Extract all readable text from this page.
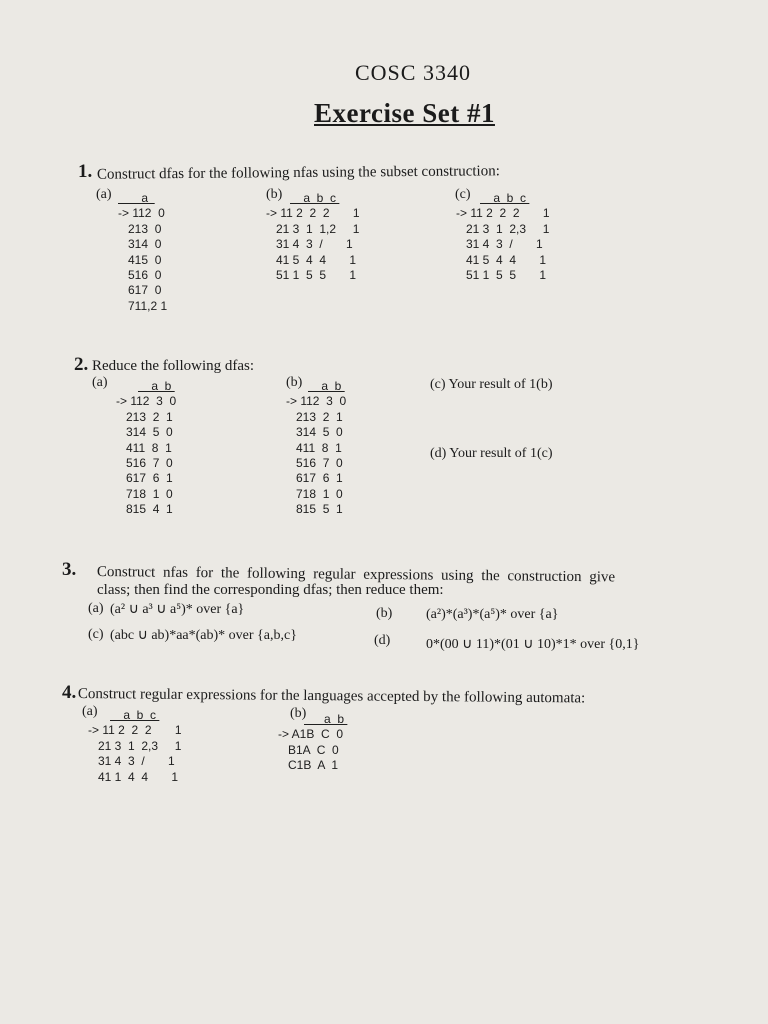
COSC 3340
Exercise Set #1
1. Construct dfas for the following nfas using the subset construction:
(a) a
-> 112  0
213  0
314  0
415  0
516  0
617  0
711,2 1
(b) a  b  c
-> 11 2  2  2       1
21 3  1  1,2     1
31 4  3  /       1
41 5  4  4       1
51 1  5  5       1
(c) a  b  c
-> 11 2  2  2       1
21 3  1  2,3     1
31 4  3  /       1
41 5  4  4       1
51 1  5  5       1
2. Reduce the following dfas:
(a)	a  b
-> 112  3  0
213  2  1
314  5  0
411  8  1
516  7  0
617  6  1
718  1  0
815  4  1
(b) a  b
-> 112  3  0
213  2  1
314  5  0
411  8  1
516  7  0
617  6  1
718  1  0
815  5  1
(c) Your result of 1(b)
(d) Your result of 1(c)
3. Construct nfas for the following regular expressions using the construction give
class; then find the corresponding dfas; then reduce them:
(a) (a² ∪ a³ ∪ a⁵)* over {a}	(b) (a²)*(a³)*(a⁵)* over {a}
(c) (abc ∪ ab)*aa*(ab)* over {a,b,c}	(d)	0*(00 ∪ 11)*(01 ∪ 10)*1* over {0,1}
4. Construct regular expressions for the languages accepted by the following automata:
(a)	a  b  c
-> 11 2  2  2       1
21 3  1  2,3     1
31 4  3  /       1
41 1  4  4       1
(b)
a  b
-> A1B  C  0
B1A  C  0
C1B  A  1
